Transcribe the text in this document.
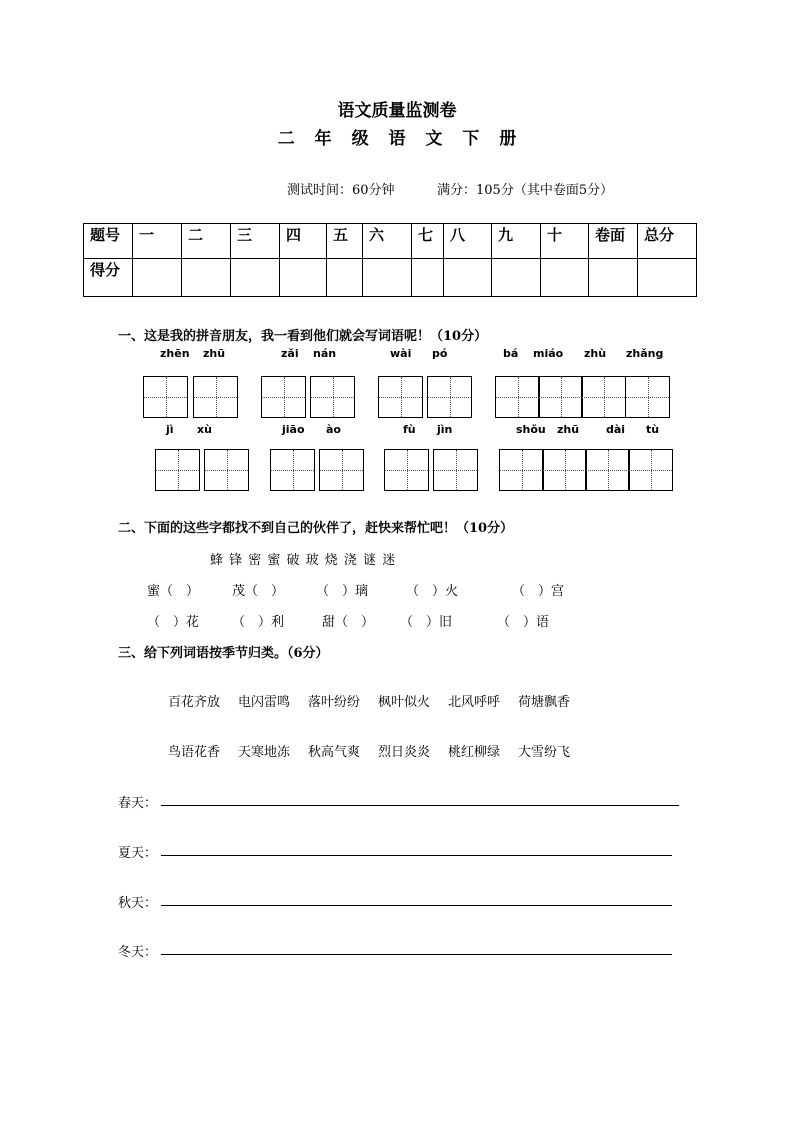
语文质量监测卷
二 年 级 语 文 下 册
测试时间：60分钟	满分：105分（其中卷面5分）
题号	一	二	三	四	五	六	七	八	九	十	卷面	总分
得分												
一、这是我的拼音朋友，我一看到他们就会写词语呢！（10分）
zhēn zhū	zǎi nán	wài pó	bá miáo zhù zhǎng
jì xù	jiāo ào	fù jìn	shǒu zhū dài tù
二、下面的这些字都找不到自己的伙伴了，赶快来帮忙吧！（10分）
蜂 锋 密 蜜 破 玻 烧 浇 谜 迷
蜜（　）	茂（　） （　）璃	（　）火	（　）宫
（　）花	（　）利	甜（　） （　）旧	（　）语
三、给下列词语按季节归类。（6分）
百花齐放 电闪雷鸣 落叶纷纷 枫叶似火 北风呼呼 荷塘飘香
鸟语花香 天寒地冻 秋高气爽 烈日炎炎 桃红柳绿 大雪纷飞
春天：
夏天：
秋天：
冬天：
